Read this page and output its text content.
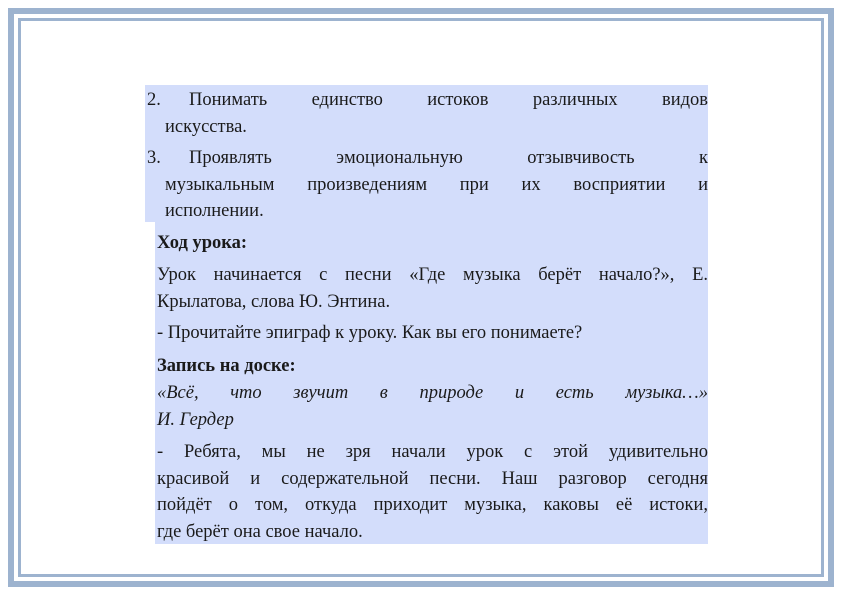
2. Понимать единство истоков различных видов
искусства.
3. Проявлять эмоциональную отзывчивость к
музыкальным произведениям при их восприятии и
исполнении.
Ход урока:
Урок начинается с песни «Где музыка берёт начало?», Е.
Крылатова, слова Ю. Энтина.
- Прочитайте эпиграф к уроку. Как вы его понимаете?
Запись на доске:
«Всё, что звучит в природе и есть музыка…»
И. Гердер
- Ребята, мы не зря начали урок с этой удивительно
красивой и содержательной песни. Наш разговор сегодня
пойдёт о том, откуда приходит музыка, каковы её истоки,
где берёт она свое начало.
